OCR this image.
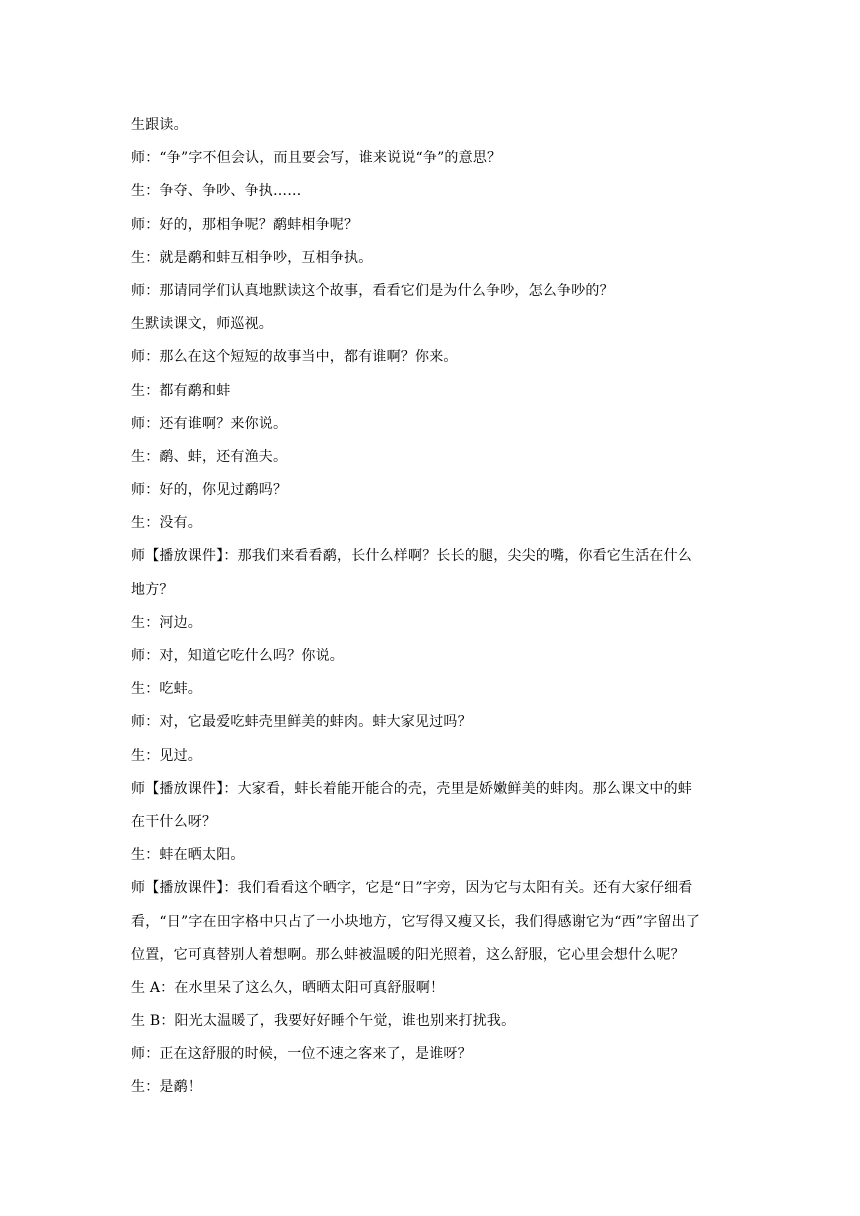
生跟读。
师：“争”字不但会认，而且要会写，谁来说说“争”的意思？
生：争夺、争吵、争执……
师：好的，那相争呢？鹬蚌相争呢？
生：就是鹬和蚌互相争吵，互相争执。
师：那请同学们认真地默读这个故事，看看它们是为什么争吵，怎么争吵的？
生默读课文，师巡视。
师：那么在这个短短的故事当中，都有谁啊？你来。
生：都有鹬和蚌
师：还有谁啊？来你说。
生：鹬、蚌，还有渔夫。
师：好的，你见过鹬吗？
生：没有。
师【播放课件】：那我们来看看鹬，长什么样啊？长长的腿，尖尖的嘴，你看它生活在什么
地方？
生：河边。
师：对，知道它吃什么吗？你说。
生：吃蚌。
师：对，它最爱吃蚌壳里鲜美的蚌肉。蚌大家见过吗？
生：见过。
师【播放课件】：大家看，蚌长着能开能合的壳，壳里是娇嫩鲜美的蚌肉。那么课文中的蚌
在干什么呀？
生：蚌在晒太阳。
师【播放课件】：我们看看这个晒字，它是“日”字旁，因为它与太阳有关。还有大家仔细看
看，“日”字在田字格中只占了一小块地方，它写得又瘦又长，我们得感谢它为“西”字留出了
位置，它可真替别人着想啊。那么蚌被温暖的阳光照着，这么舒服，它心里会想什么呢？
生 A：在水里呆了这么久，晒晒太阳可真舒服啊！
生 B：阳光太温暖了，我要好好睡个午觉，谁也别来打扰我。
师：正在这舒服的时候，一位不速之客来了，是谁呀？
生：是鹬！
